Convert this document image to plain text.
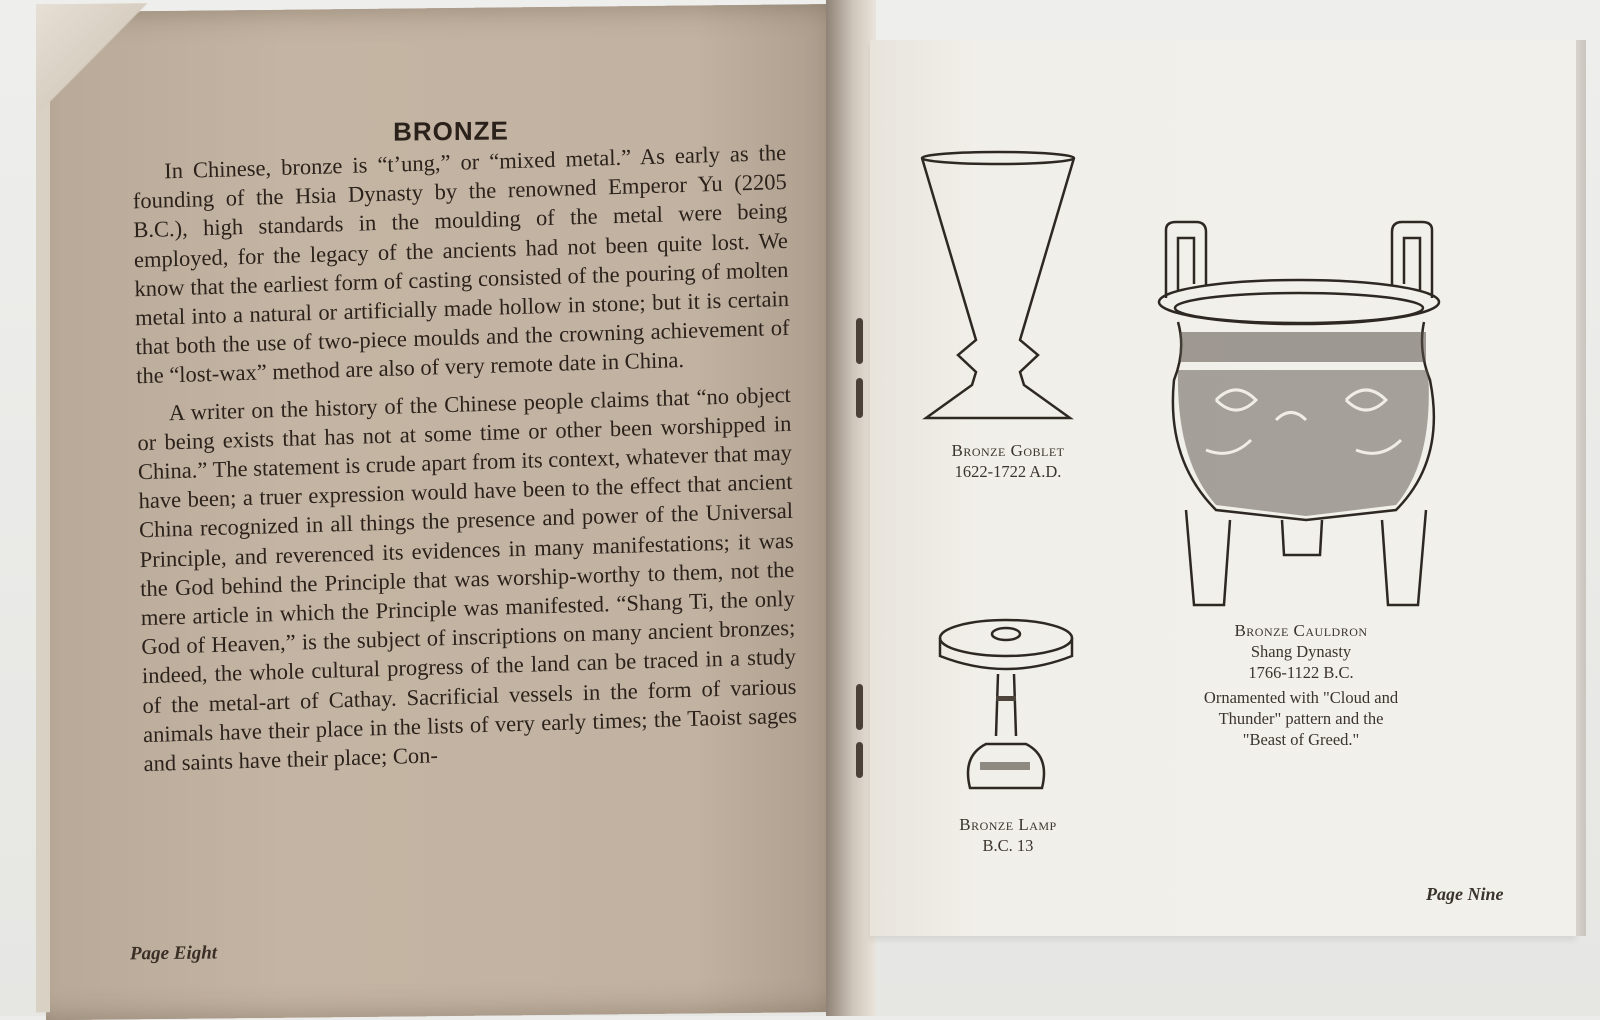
BRONZE

In Chinese, bronze is “t’ung,” or “mixed metal.” As early as the founding of the Hsia Dynasty by the renowned Emperor Yu (2205 B.C.), high standards in the moulding of the metal were being employed, for the legacy of the ancients had not been quite lost. We know that the earliest form of casting consisted of the pouring of molten metal into a natural or artificially made hollow in stone; but it is certain that both the use of two-piece moulds and the crowning achievement of the “lost-wax” method are also of very remote date in China.

A writer on the history of the Chinese people claims that “no object or being exists that has not at some time or other been worshipped in China.” The statement is crude apart from its context, whatever that may have been; a truer expression would have been to the effect that ancient China recognized in all things the presence and power of the Universal Principle, and reverenced its evidences in many manifestations; it was the God behind the Principle that was worship-worthy to them, not the mere article in which the Principle was manifested. “Shang Ti, the only God of Heaven,” is the subject of inscriptions on many ancient bronzes; indeed, the whole cultural progress of the land can be traced in a study of the metal-art of Cathay. Sacrificial vessels in the form of various animals have their place in the lists of very early times; the Taoist sages and saints have their place; Con-

Page Eight
Bronze Goblet
1622-1722 A.D.
Bronze Cauldron
Shang Dynasty
1766-1122 B.C.
Ornamented with "Cloud and
Thunder" pattern and the
"Beast of Greed."
Bronze Lamp
B.C. 13
Page Nine
